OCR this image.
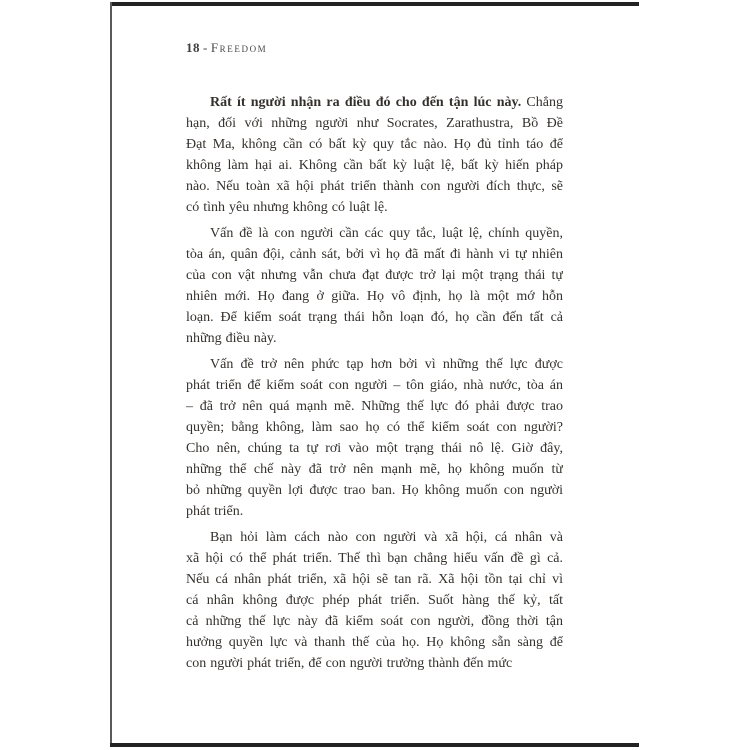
18 - Freedom
Rất ít người nhận ra điều đó cho đến tận lúc này. Chẳng
hạn, đối với những người như Socrates, Zarathustra, Bồ Đề
Đạt Ma, không cần có bất kỳ quy tắc nào. Họ đủ tỉnh táo để
không làm hại ai. Không cần bất kỳ luật lệ, bất kỳ hiến pháp
nào. Nếu toàn xã hội phát triển thành con người đích thực, sẽ
có tình yêu nhưng không có luật lệ.
Vấn đề là con người cần các quy tắc, luật lệ, chính quyền,
tòa án, quân đội, cảnh sát, bởi vì họ đã mất đi hành vi tự nhiên
của con vật nhưng vẫn chưa đạt được trở lại một trạng thái tự
nhiên mới. Họ đang ở giữa. Họ vô định, họ là một mớ hỗn
loạn. Để kiểm soát trạng thái hỗn loạn đó, họ cần đến tất cả
những điều này.
Vấn đề trở nên phức tạp hơn bởi vì những thế lực được
phát triển để kiểm soát con người – tôn giáo, nhà nước, tòa án
– đã trở nên quá mạnh mẽ. Những thế lực đó phải được trao
quyền; bằng không, làm sao họ có thể kiểm soát con người?
Cho nên, chúng ta tự rơi vào một trạng thái nô lệ. Giờ đây,
những thể chế này đã trở nên mạnh mẽ, họ không muốn từ
bỏ những quyền lợi được trao ban. Họ không muốn con người
phát triển.
Bạn hỏi làm cách nào con người và xã hội, cá nhân và
xã hội có thể phát triển. Thế thì bạn chẳng hiểu vấn đề gì cả.
Nếu cá nhân phát triển, xã hội sẽ tan rã. Xã hội tồn tại chỉ vì
cá nhân không được phép phát triển. Suốt hàng thế kỷ, tất
cả những thế lực này đã kiểm soát con người, đồng thời tận
hưởng quyền lực và thanh thế của họ. Họ không sẵn sàng để
con người phát triển, để con người trưởng thành đến mức
